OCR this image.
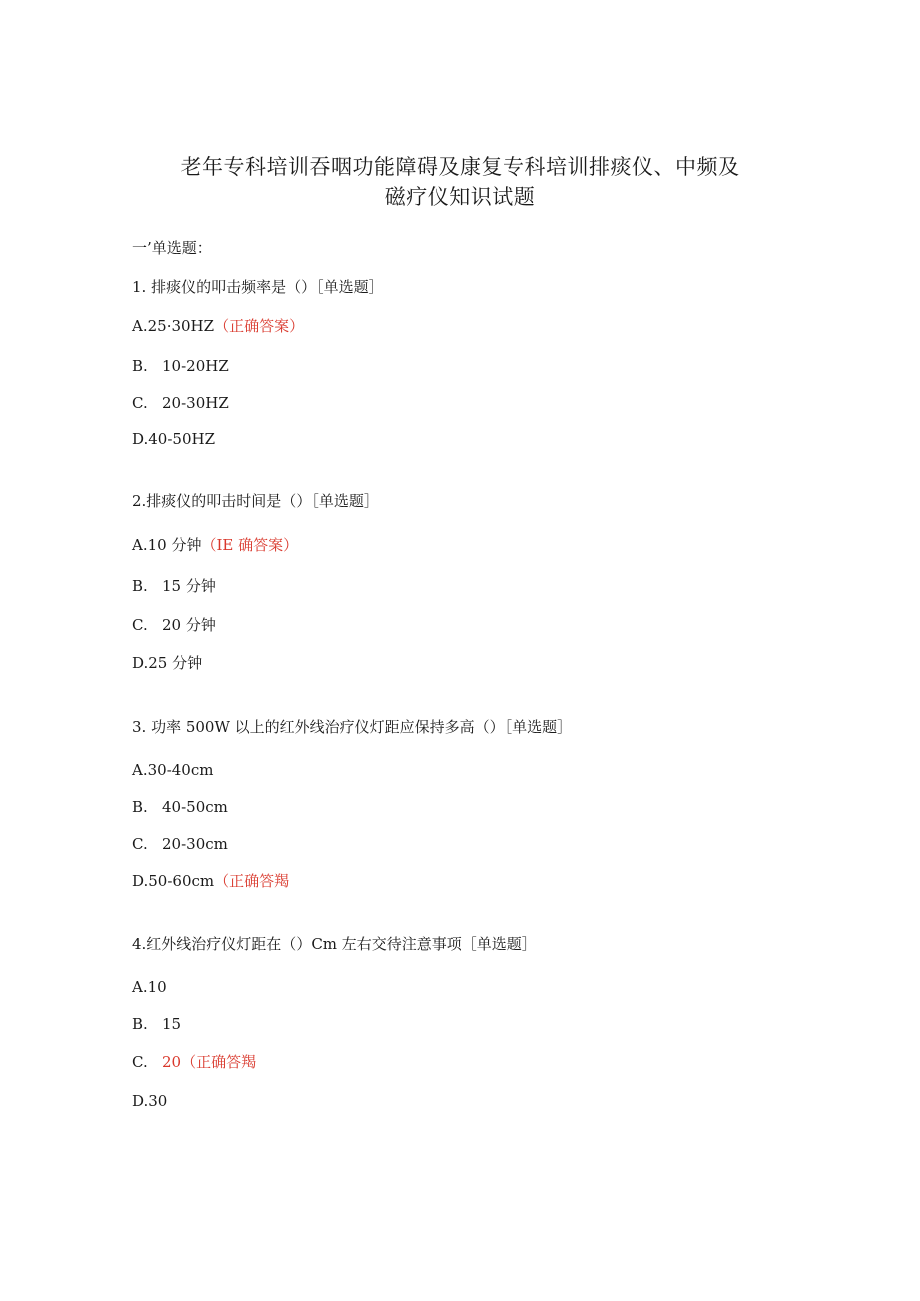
老年专科培训吞咽功能障碍及康复专科培训排痰仪、中频及
磁疗仪知识试题
一’单选题：
1. 排痰仪的叩击频率是（）［单选题］
A.25·30HZ（正确答案）
B. 10-20HZ
C. 20-30HZ
D.40-50HZ
2.排痰仪的叩击时间是（）［单选题］
A.10 分钟（IE 确答案）
B. 15 分钟
C. 20 分钟
D.25 分钟
3. 功率 500W 以上的红外线治疗仪灯距应保持多高（）［单选题］
A.30-40cm
B. 40-50cm
C. 20-30cm
D.50-60cm（正确答羯
4.红外线治疗仪灯距在（）Cm 左右交待注意事项［单选题］
A.10
B. 15
C. 20（正确答羯
D.30
